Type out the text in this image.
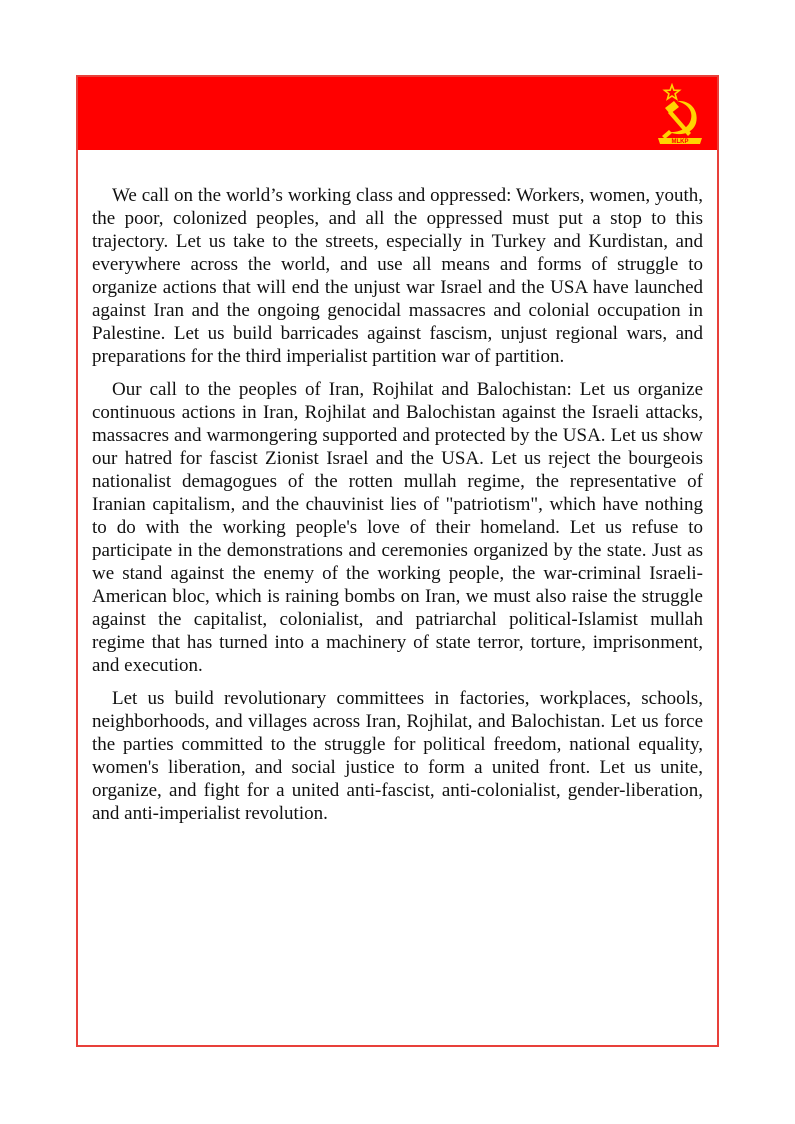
MLKP

We call on the world’s working class and oppressed: Workers, women, youth, the poor, colonized peoples, and all the oppressed must put a stop to this trajectory. Let us take to the streets, especially in Turkey and Kurdistan, and everywhere across the world, and use all means and forms of struggle to organize actions that will end the unjust war Israel and the USA have launched against Iran and the ongoing genocidal massacres and colonial occupation in Palestine. Let us build barricades against fascism, unjust regional wars, and preparations for the third imperialist partition war of partition.

Our call to the peoples of Iran, Rojhilat and Balochistan: Let us organize continuous actions in Iran, Rojhilat and Balochistan against the Israeli attacks, massacres and warmongering supported and protected by the USA. Let us show our hatred for fascist Zionist Israel and the USA. Let us reject the bourgeois nationalist demagogues of the rotten mullah regime, the representative of Iranian capitalism, and the chauvinist lies of "patriotism", which have nothing to do with the working people's love of their homeland. Let us refuse to participate in the demonstrations and ceremonies organized by the state. Just as we stand against the enemy of the working people, the war-criminal Israeli-American bloc, which is raining bombs on Iran, we must also raise the struggle against the capitalist, colonialist, and patriarchal political-Islamist mullah regime that has turned into a machinery of state terror, torture, imprisonment, and execution.

Let us build revolutionary committees in factories, workplaces, schools, neighborhoods, and villages across Iran, Rojhilat, and Balochistan. Let us force the parties committed to the struggle for political freedom, national equality, women's liberation, and social justice to form a united front. Let us unite, organize, and fight for a united anti-fascist, anti-colonialist, gender-liberation, and anti-imperialist revolution.
